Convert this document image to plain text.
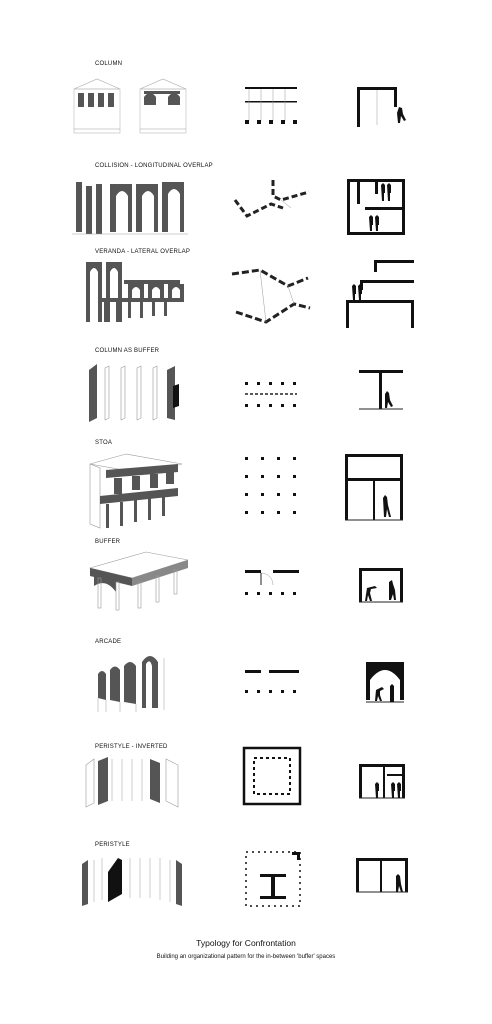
COLUMN
COLLISION - LONGITUDINAL OVERLAP
VERANDA - LATERAL OVERLAP
COLUMN AS BUFFER
STOA
BUFFER
ARCADE
PERISTYLE - INVERTED
PERISTYLE
Typology for Confrontation
Building an organizational pattern for the in-between 'buffer' spaces
